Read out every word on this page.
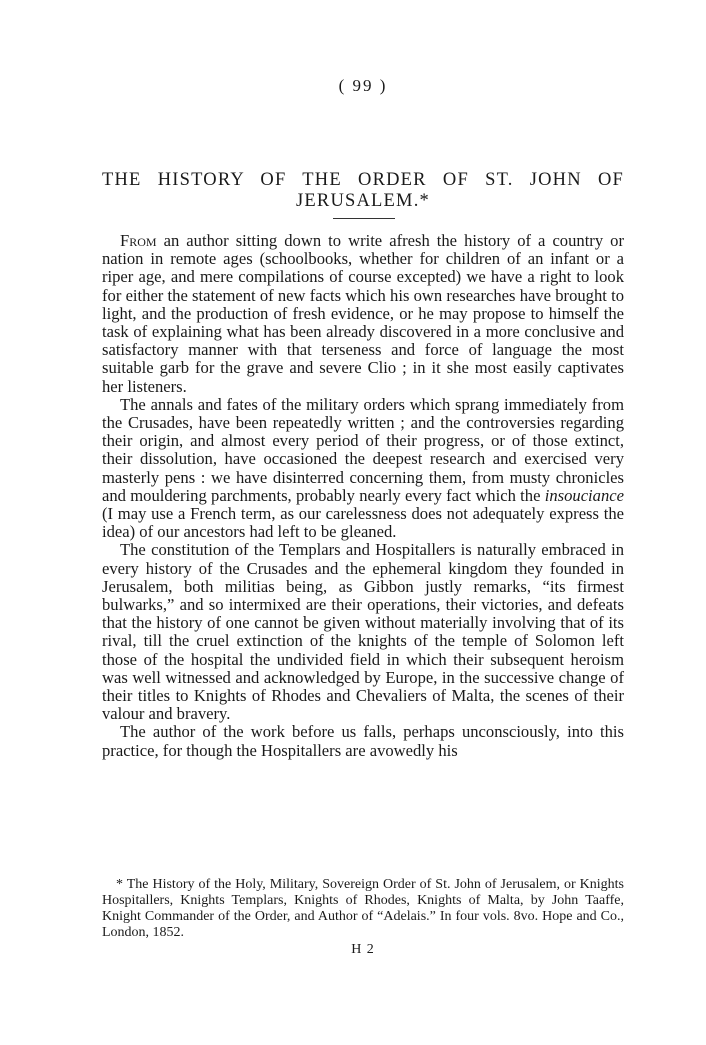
( 99 )
THE HISTORY OF THE ORDER OF ST. JOHN OF
JERUSALEM.*

From an author sitting down to write afresh the history of a country or nation in remote ages (schoolbooks, whether for children of an infant or a riper age, and mere compilations of course excepted) we have a right to look for either the statement of new facts which his own researches have brought to light, and the production of fresh evidence, or he may propose to himself the task of explaining what has been already discovered in a more conclusive and satisfactory manner with that terseness and force of language the most suitable garb for the grave and severe Clio ; in it she most easily captivates her listeners.

The annals and fates of the military orders which sprang immediately from the Crusades, have been repeatedly written ; and the controversies regarding their origin, and almost every period of their progress, or of those extinct, their dissolution, have occasioned the deepest research and exercised very masterly pens : we have disinterred concerning them, from musty chronicles and mouldering parchments, probably nearly every fact which the insouciance (I may use a French term, as our carelessness does not adequately express the idea) of our ancestors had left to be gleaned.

The constitution of the Templars and Hospitallers is naturally embraced in every history of the Crusades and the ephemeral kingdom they founded in Jerusalem, both militias being, as Gibbon justly remarks, “its firmest bulwarks,” and so intermixed are their operations, their victories, and defeats that the history of one cannot be given without materially involving that of its rival, till the cruel extinction of the knights of the temple of Solomon left those of the hospital the undivided field in which their subsequent heroism was well witnessed and acknowledged by Europe, in the successive change of their titles to Knights of Rhodes and Chevaliers of Malta, the scenes of their valour and bravery.

The author of the work before us falls, perhaps unconsciously, into this practice, for though the Hospitallers are avowedly his

* The History of the Holy, Military, Sovereign Order of St. John of Jerusalem, or Knights Hospitallers, Knights Templars, Knights of Rhodes, Knights of Malta, by John Taaffe, Knight Commander of the Order, and Author of “Adelais.” In four vols. 8vo. Hope and Co., London, 1852.

H 2
